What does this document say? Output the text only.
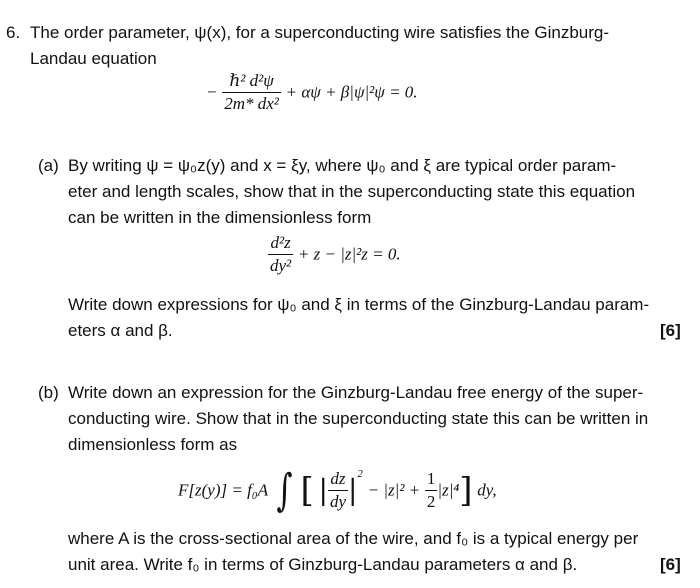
6. The order parameter, ψ(x), for a superconducting wire satisfies the Ginzburg-
Landau equation
− $\frac{\text{ℏ² d²ψ}}{\text{2m* dx²}} + \alpha\psi + \beta|\psi|^2\psi = 0$.
(a) By writing ψ = ψ₀z(y) and x = ξy, where ψ₀ and ξ are typical order param-
eter and length scales, show that in the superconducting state this equation
can be written in the dimensionless form
$\frac{\text{d²z}}{\text{dy²}} + z - |z|^2z = 0$.
Write down expressions for ψ₀ and ξ in terms of the Ginzburg-Landau param-
eters α and β.	[6]
(b) Write down an expression for the Ginzburg-Landau free energy of the super-
conducting wire. Show that in the superconducting state this can be written in
dimensionless form as
F[z(y)] = f₀A ∫ [ | $\frac{dz}{dy} |^2 - |z|^2 + \frac{1}{2} |z|^4$] dy,
where A is the cross-sectional area of the wire, and f₀ is a typical energy per
unit area. Write f₀ in terms of Ginzburg-Landau parameters α and β.	[6]
